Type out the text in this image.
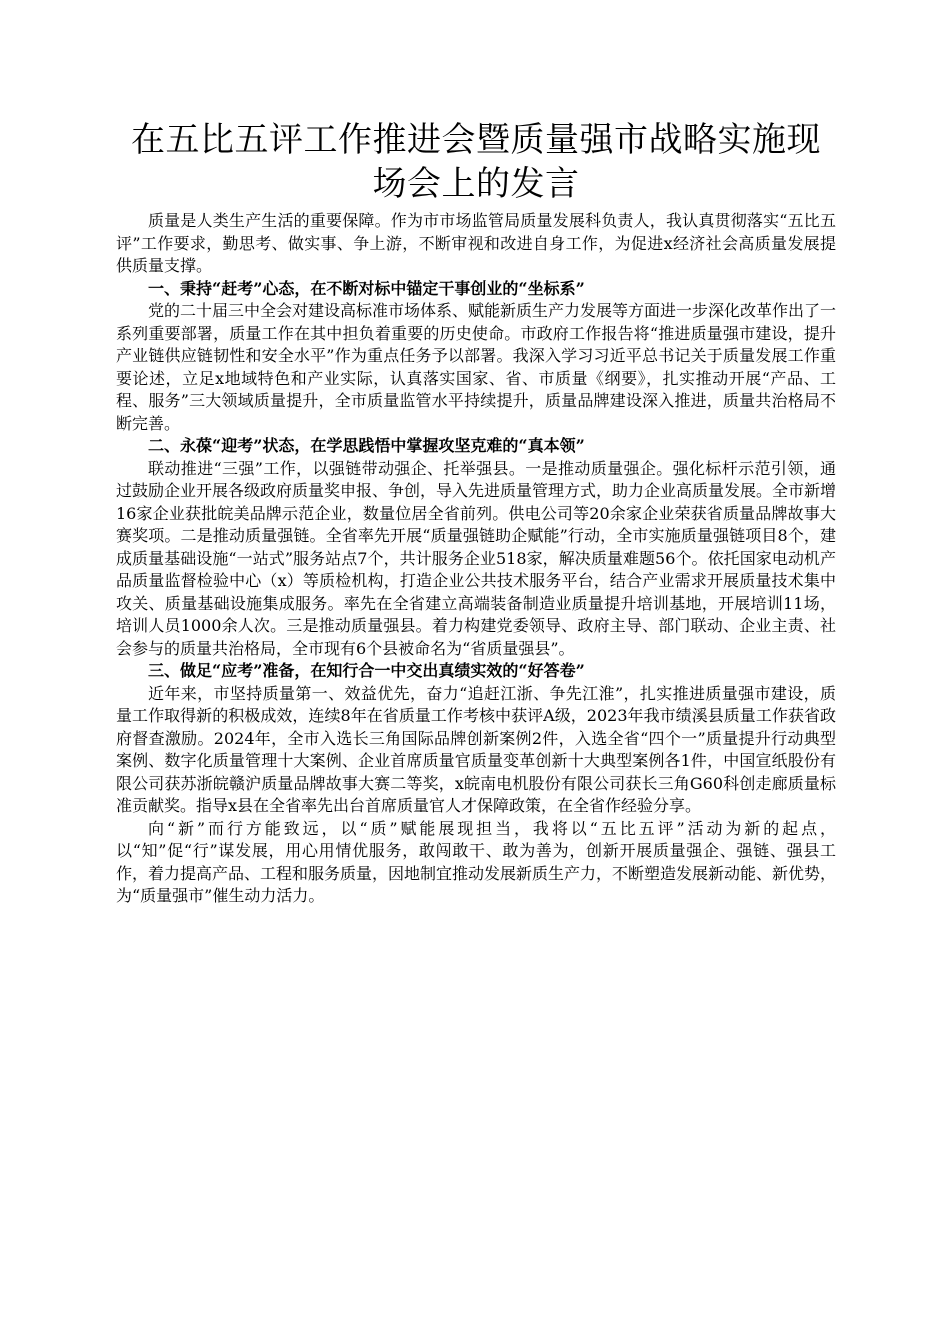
在五比五评工作推进会暨质量强市战略实施现场会上的发言

质量是人类生产生活的重要保障。作为市市场监管局质量发展科负责人，我认真贯彻落实“五比五评”工作要求，勤思考、做实事、争上游，不断审视和改进自身工作，为促进x经济社会高质量发展提供质量支撑。

一、秉持“赶考”心态，在不断对标中锚定干事创业的“坐标系”

党的二十届三中全会对建设高标准市场体系、赋能新质生产力发展等方面进一步深化改革作出了一系列重要部署，质量工作在其中担负着重要的历史使命。市政府工作报告将“推进质量强市建设，提升产业链供应链韧性和安全水平”作为重点任务予以部署。我深入学习习近平总书记关于质量发展工作重要论述，立足x地域特色和产业实际，认真落实国家、省、市质量《纲要》，扎实推动开展“产品、工程、服务”三大领域质量提升，全市质量监管水平持续提升，质量品牌建设深入推进，质量共治格局不断完善。

二、永葆“迎考”状态，在学思践悟中掌握攻坚克难的“真本领”

联动推进“三强”工作，以强链带动强企、托举强县。一是推动质量强企。强化标杆示范引领，通过鼓励企业开展各级政府质量奖申报、争创，导入先进质量管理方式，助力企业高质量发展。全市新增16家企业获批皖美品牌示范企业，数量位居全省前列。供电公司等20余家企业荣获省质量品牌故事大赛奖项。二是推动质量强链。全省率先开展“质量强链助企赋能”行动，全市实施质量强链项目8个，建成质量基础设施“一站式”服务站点7个，共计服务企业518家，解决质量难题56个。依托国家电动机产品质量监督检验中心（x）等质检机构，打造企业公共技术服务平台，结合产业需求开展质量技术集中攻关、质量基础设施集成服务。率先在全省建立高端装备制造业质量提升培训基地，开展培训11场，培训人员1000余人次。三是推动质量强县。着力构建党委领导、政府主导、部门联动、企业主责、社会参与的质量共治格局，全市现有6个县被命名为“省质量强县”。

三、做足“应考”准备，在知行合一中交出真绩实效的“好答卷”

近年来，市坚持质量第一、效益优先，奋力“追赶江浙、争先江淮”，扎实推进质量强市建设，质量工作取得新的积极成效，连续8年在省质量工作考核中获评A级，2023年我市绩溪县质量工作获省政府督查激励。2024年，全市入选长三角国际品牌创新案例2件，入选全省“四个一”质量提升行动典型案例、数字化质量管理十大案例、企业首席质量官质量变革创新十大典型案例各1件，中国宣纸股份有限公司获苏浙皖赣沪质量品牌故事大赛二等奖，x皖南电机股份有限公司获长三角G60科创走廊质量标准贡献奖。指导x县在全省率先出台首席质量官人才保障政策，在全省作经验分享。

向“新”而行方能致远，以“质”赋能展现担当，我将以“五比五评”活动为新的起点，以“知”促“行”谋发展，用心用情优服务，敢闯敢干、敢为善为，创新开展质量强企、强链、强县工作，着力提高产品、工程和服务质量，因地制宜推动发展新质生产力，不断塑造发展新动能、新优势，为“质量强市”催生动力活力。
